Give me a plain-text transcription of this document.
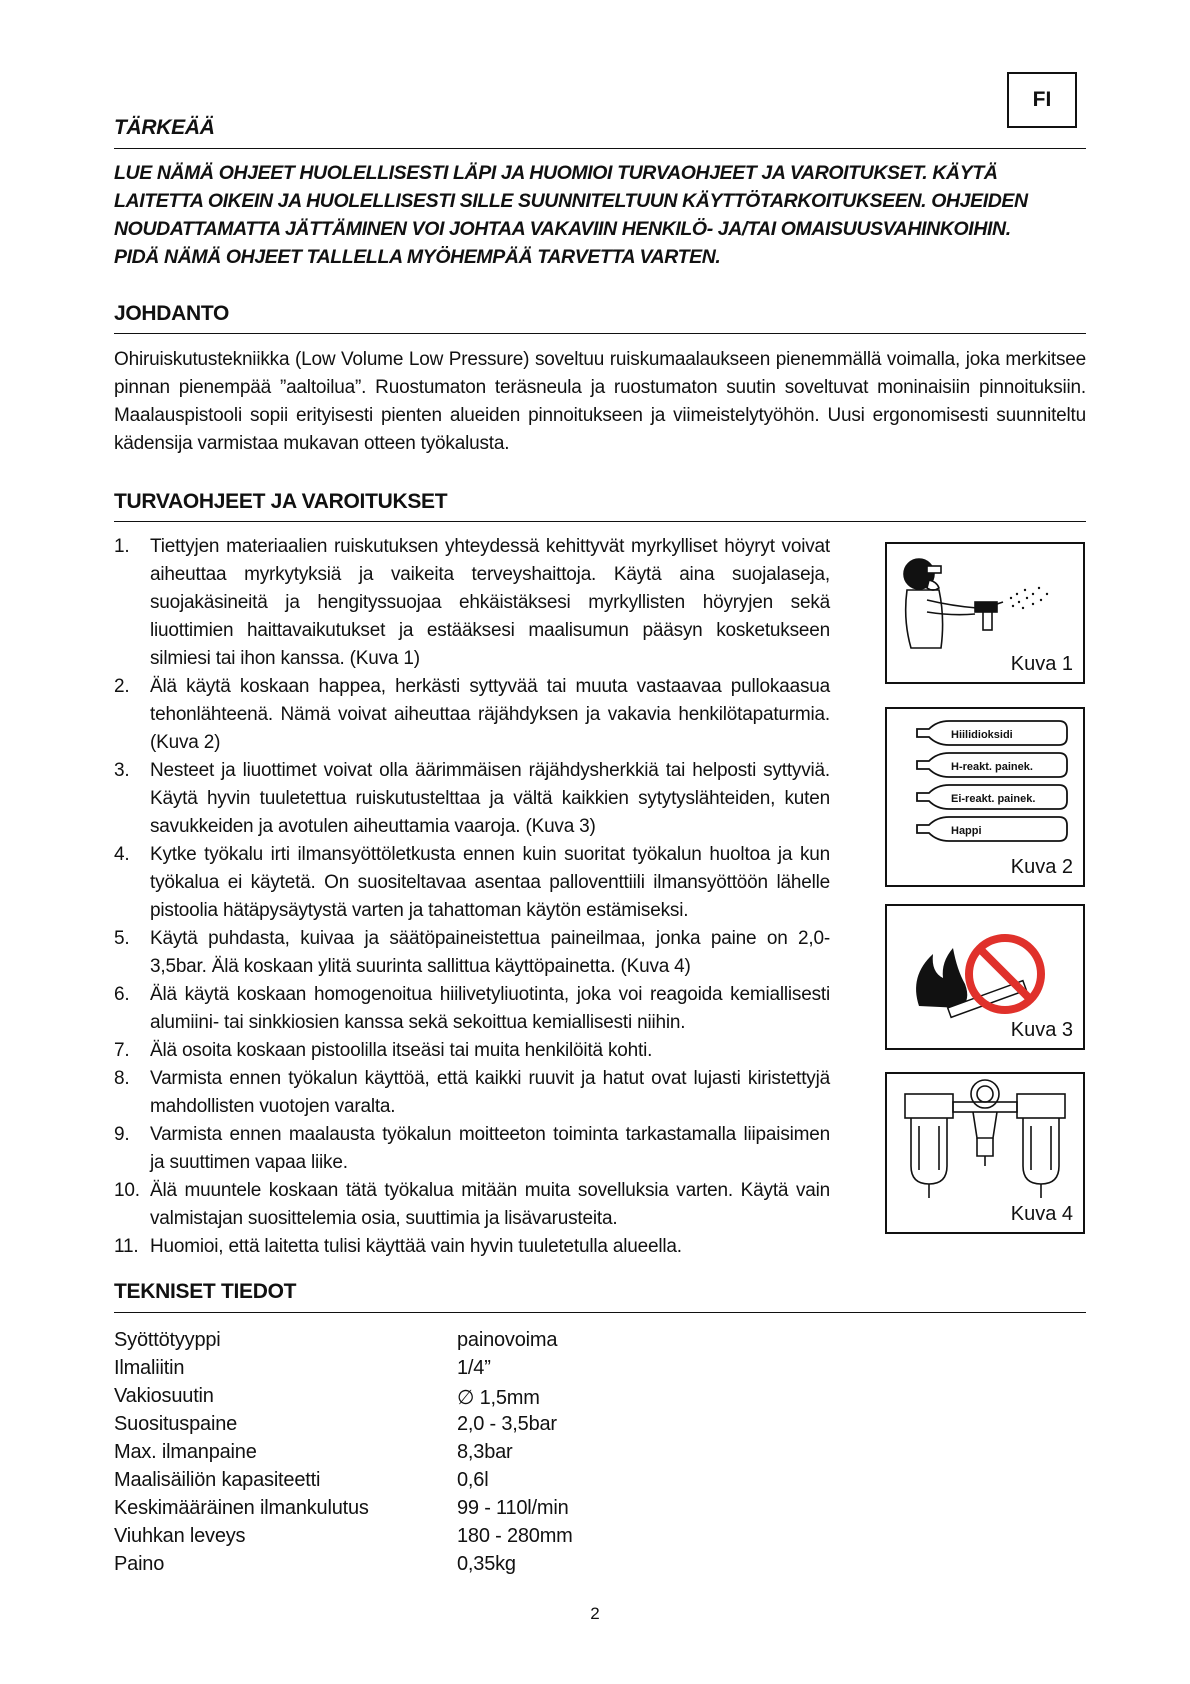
FI
TÄRKEÄÄ
LUE NÄMÄ OHJEET HUOLELLISESTI LÄPI JA HUOMIOI TURVAOHJEET JA VAROITUKSET. KÄYTÄ
LAITETTA OIKEIN JA HUOLELLISESTI SILLE SUUNNITELTUUN KÄYTTÖTARKOITUKSEEN. OHJEIDEN
NOUDATTAMATTA JÄTTÄMINEN VOI JOHTAA VAKAVIIN HENKILÖ- JA/TAI OMAISUUSVAHINKOIHIN.
PIDÄ NÄMÄ OHJEET TALLELLA MYÖHEMPÄÄ TARVETTA VARTEN.
JOHDANTO
Ohiruiskutustekniikka (Low Volume Low Pressure) soveltuu ruiskumaalaukseen pienemmällä voimalla, joka merkitsee pinnan pienempää ”aaltoilua”. Ruostumaton teräsneula ja ruostumaton suutin soveltuvat moninaisiin pinnoituksiin. Maalauspistooli sopii erityisesti pienten alueiden pinnoitukseen ja viimeistelytyöhön. Uusi ergonomisesti suunniteltu kädensija varmistaa mukavan otteen työkalusta.
TURVAOHJEET JA VAROITUKSET
1. Tiettyjen materiaalien ruiskutuksen yhteydessä kehittyvät myrkylliset höyryt voivat aiheuttaa myrkytyksiä ja vaikeita terveyshaittoja. Käytä aina suojalaseja, suojakäsineitä ja hengityssuojaa ehkäistäksesi myrkyllisten höyryjen sekä liuottimien haittavaikutukset ja estääksesi maalisumun pääsyn kosketukseen silmiesi tai ihon kanssa. (Kuva 1)
2. Älä käytä koskaan happea, herkästi syttyvää tai muuta vastaavaa pullokaasua tehonlähteenä. Nämä voivat aiheuttaa räjähdyksen ja vakavia henkilötapaturmia. (Kuva 2)
3. Nesteet ja liuottimet voivat olla äärimmäisen räjähdysherkkiä tai helposti syttyviä. Käytä hyvin tuuletettua ruiskutustelttaa ja vältä kaikkien sytytyslähteiden, kuten savukkeiden ja avotulen aiheuttamia vaaroja. (Kuva 3)
4. Kytke työkalu irti ilmansyöttöletkusta ennen kuin suoritat työkalun huoltoa ja kun työkalua ei käytetä. On suositeltavaa asentaa palloventtiili ilmansyöttöön lähelle pistoolia hätäpysäytystä varten ja tahattoman käytön estämiseksi.
5. Käytä puhdasta, kuivaa ja säätöpaineistettua paineilmaa, jonka paine on 2,0-3,5bar. Älä koskaan ylitä suurinta sallittua käyttöpainetta. (Kuva 4)
6. Älä käytä koskaan homogenoitua hiilivetyliuotinta, joka voi reagoida kemiallisesti alumiini- tai sinkkiosien kanssa sekä sekoittua kemiallisesti niihin.
7. Älä osoita koskaan pistoolilla itseäsi tai muita henkilöitä kohti.
8. Varmista ennen työkalun käyttöä, että kaikki ruuvit ja hatut ovat lujasti kiristettyjä mahdollisten vuotojen varalta.
9. Varmista ennen maalausta työkalun moitteeton toiminta tarkastamalla liipaisimen ja suuttimen vapaa liike.
10. Älä muuntele koskaan tätä työkalua mitään muita sovelluksia varten. Käytä vain valmistajan suosittelemia osia, suuttimia ja lisävarusteita.
11. Huomioi, että laitetta tulisi käyttää vain hyvin tuuletetulla alueella.
Kuva 1
Hiilidioksidi
H-reakt. painek.
Ei-reakt. painek.
Happi
Kuva 2
Kuva 3
Kuva 4
TEKNISET TIEDOT
Syöttötyyppi	painovoima
Ilmaliitin	1/4”
Vakiosuutin	∅ 1,5mm
Suosituspaine	2,0 - 3,5bar
Max. ilmanpaine	8,3bar
Maalisäiliön kapasiteetti	0,6l
Keskimääräinen ilmankulutus	99 - 110l/min
Viuhkan leveys	180 - 280mm
Paino	0,35kg
2
